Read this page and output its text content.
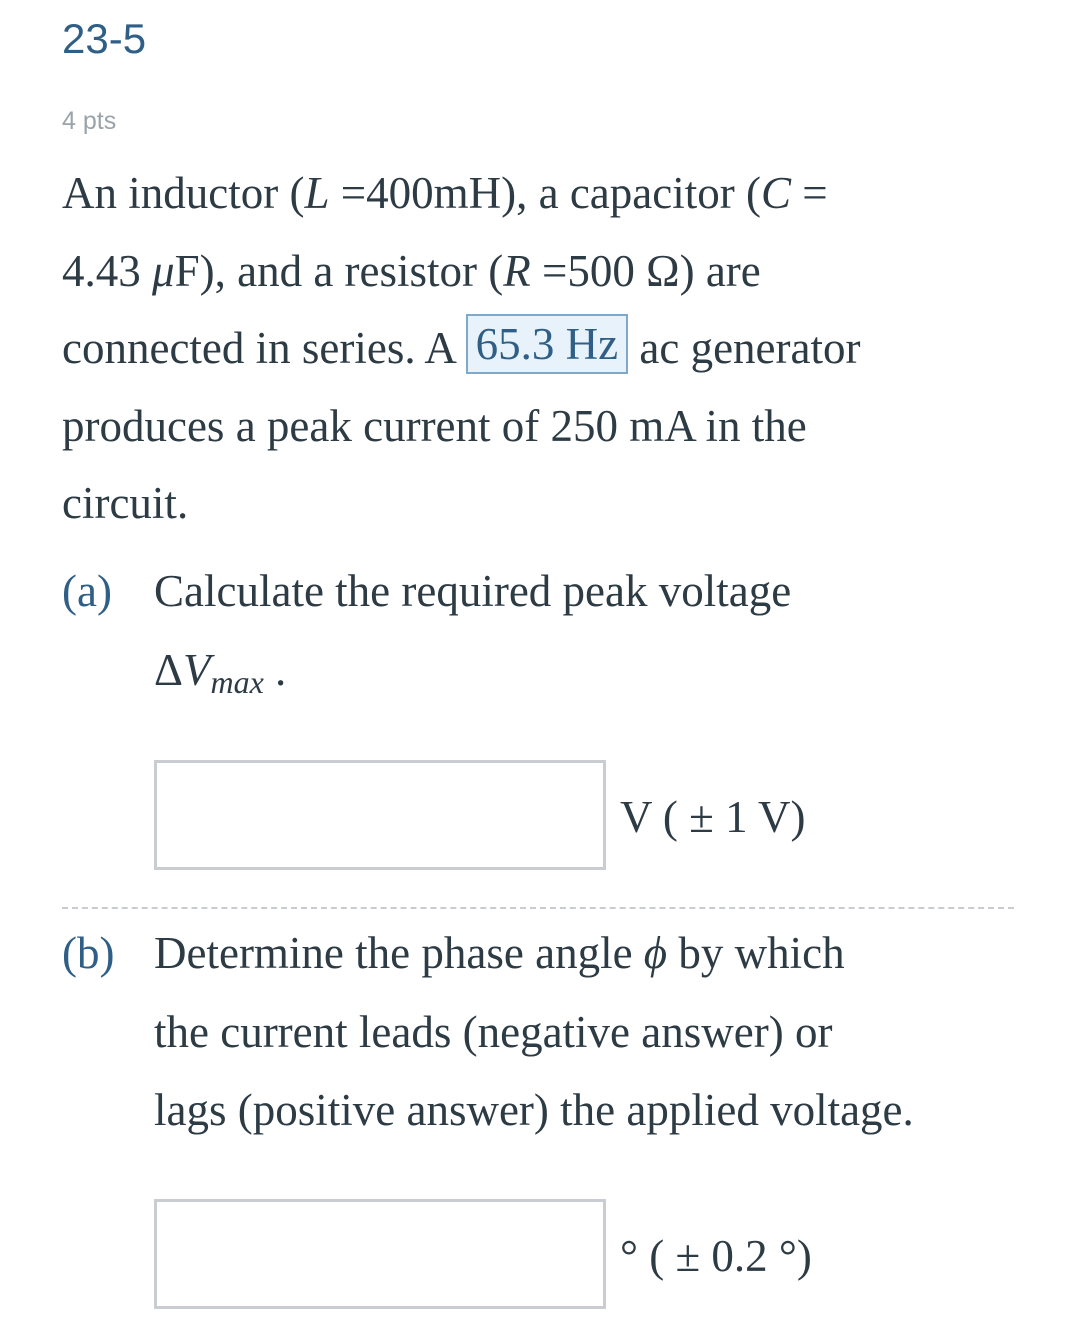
23-5
4 pts
An inductor (L =400mH), a capacitor (C =
4.43 μF), and a resistor (R =500 Ω) are
connected in series. A 65.3 Hz ac generator
produces a peak current of 250 mA in the
circuit.
(a) Calculate the required peak voltage
$\Delta V_{max}$ .
V ( ± 1 V)
(b) Determine the phase angle ϕ by which
the current leads (negative answer) or
lags (positive answer) the applied voltage.
° ( ± 0.2 °)
